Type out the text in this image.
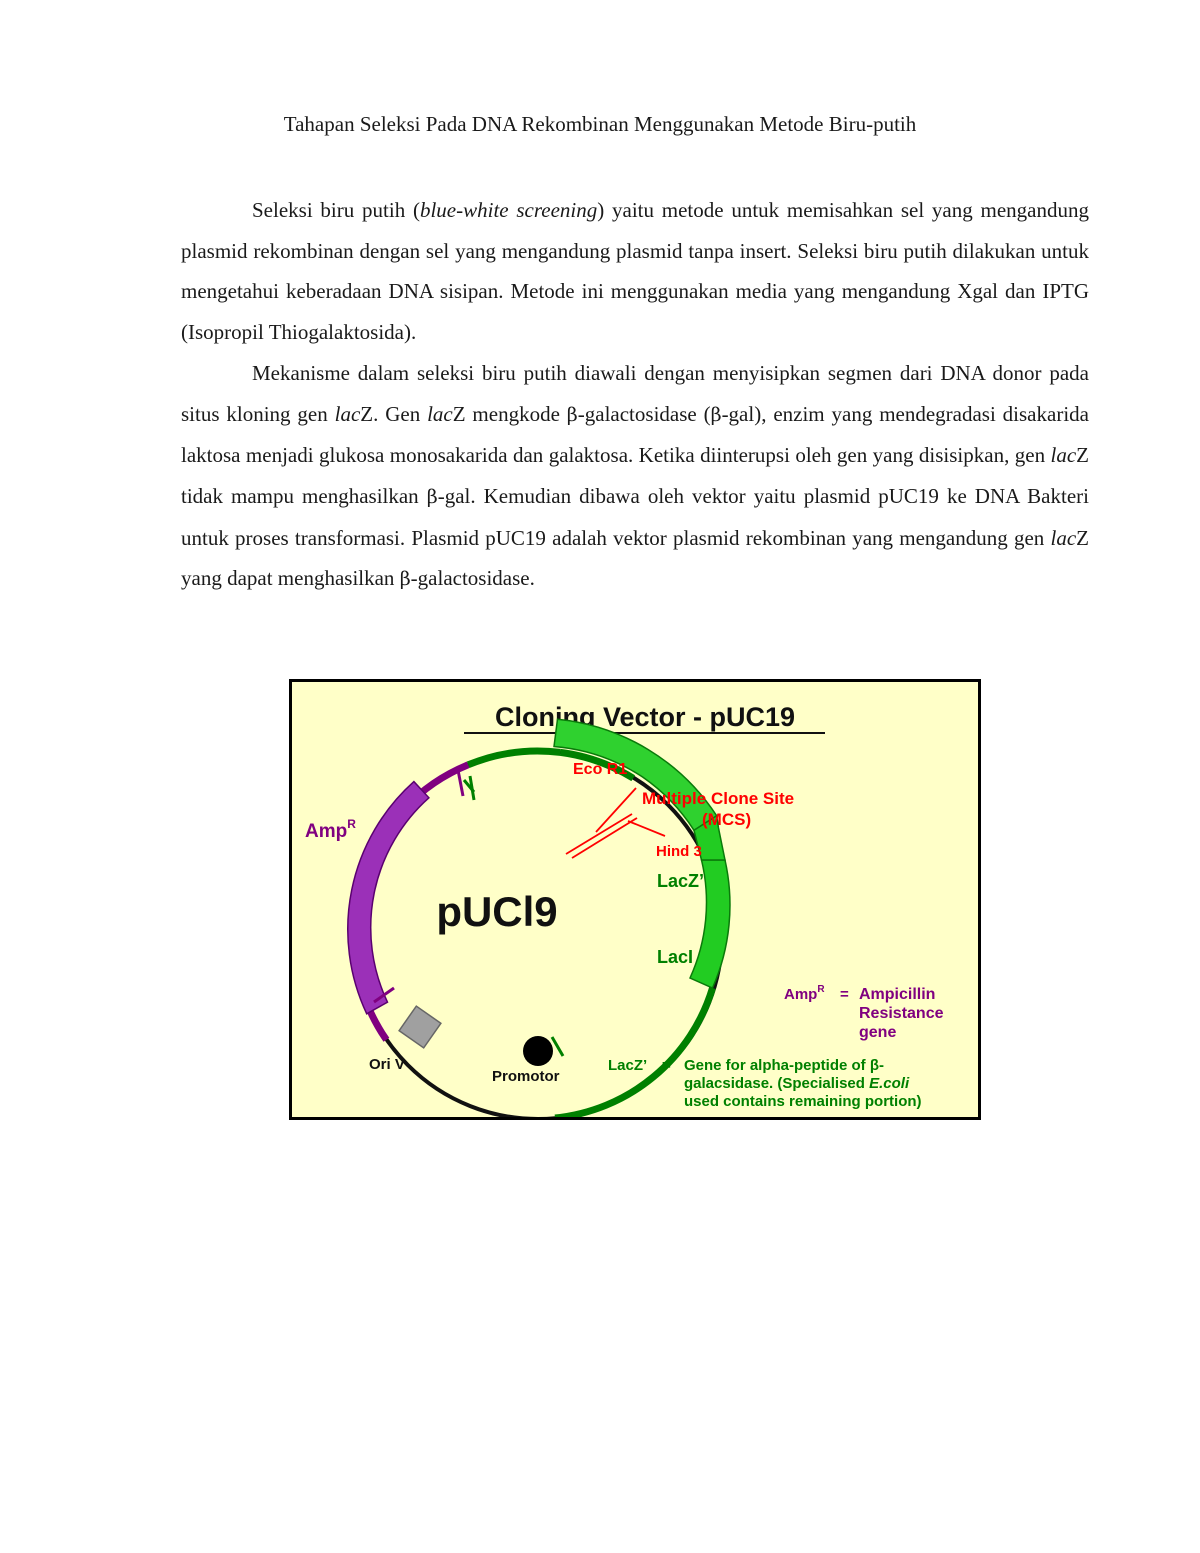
Tahapan Seleksi Pada DNA Rekombinan Menggunakan Metode Biru-putih

Seleksi biru putih (blue-white screening) yaitu metode untuk memisahkan sel yang mengandung plasmid rekombinan dengan sel yang mengandung plasmid tanpa insert. Seleksi biru putih dilakukan untuk mengetahui keberadaan DNA sisipan. Metode ini menggunakan media yang mengandung Xgal dan IPTG (Isopropil Thiogalaktosida).

Mekanisme dalam seleksi biru putih diawali dengan menyisipkan segmen dari DNA donor pada situs kloning gen lacZ. Gen lacZ mengkode β-galactosidase (β-gal), enzim yang mendegradasi disakarida laktosa menjadi glukosa monosakarida dan galaktosa. Ketika diinterupsi oleh gen yang disisipkan, gen lacZ tidak mampu menghasilkan β-gal. Kemudian dibawa oleh vektor yaitu plasmid pUC19 ke DNA Bakteri untuk proses transformasi. Plasmid pUC19 adalah vektor plasmid rekombinan yang mengandung gen lacZ yang dapat menghasilkan β-galactosidase.

Cloning Vector - pUC19
Eco R1
Multiple Clone Site
(MCS)
Hind 3
LacZ’
LacI
Amp$^R$
Ori V
Promotor
pUCl9
Amp$^R$ = Ampicillin
Resistance
gene
LacZ’ = Gene for alpha-peptide of β-
galacsidase. (Specialised E.coli
used contains remaining portion)
